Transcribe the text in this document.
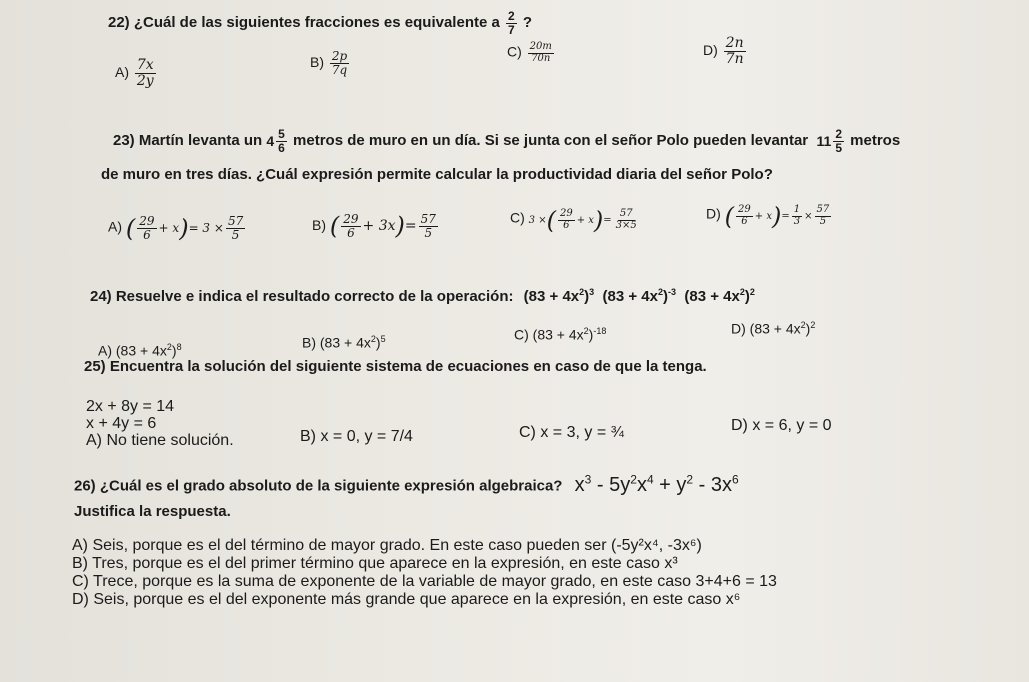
22) ¿Cuál de las siguientes fracciones es equivalente a $\frac{2}{7}$ ?
$A) \frac{7x}{2y}$	$B) \frac{2p}{7q}$	$C) \frac{20m}{70n}$	$D) \frac{2n}{7n}$
23) Martín levanta un $4 \frac{5}{6}$ metros de muro en un día. Si se junta con el señor Polo pueden levantar $11 \frac{2}{5}$ metros
de muro en tres días. ¿Cuál expresión permite calcular la productividad diaria del señor Polo?
A) ( $\frac{29}{6} + x)= 3 \times \frac{57}{5}$	B) ( $\frac{29}{6} + 3x)= \frac{57}{5}$	C) 3 ×( $\frac{29}{6} + x)= \frac{57}{3\times 5}$	D) ( $\frac{29}{6} + x)= \frac{1}{3} \times \frac{57}{5}$
24) Resuelve e indica el resultado correcto de la operación: $(83 + 4x^2)^3$ $(83 + 4x^2)^{-3}$ $(83 + 4x^2)^2$
A) $(83 + 4x^2)^8$	B) $(83 + 4x^2)^5$	C) $(83 + 4x^2)^{-18}$	D) $(83 + 4x^2)^2$
25) Encuentra la solución del siguiente sistema de ecuaciones en caso de que la tenga.
2x + 8y = 14
x + 4y = 6
A) No tiene solución.	B) x = 0, y = 7/4	C) x = 3, y = ¾	D) x = 6, y = 0
26) ¿Cuál es el grado absoluto de la siguiente expresión algebraica? $x^3 - 5y^2x^4 + y^2 - 3x^6$
Justifica la respuesta.
A) Seis, porque es el del término de mayor grado. En este caso pueden ser (-5y²x⁴, -3x⁶)
B) Tres, porque es el del primer término que aparece en la expresión, en este caso x³
C) Trece, porque es la suma de exponente de la variable de mayor grado, en este caso 3+4+6 = 13
D) Seis, porque es el del exponente más grande que aparece en la expresión, en este caso x⁶
